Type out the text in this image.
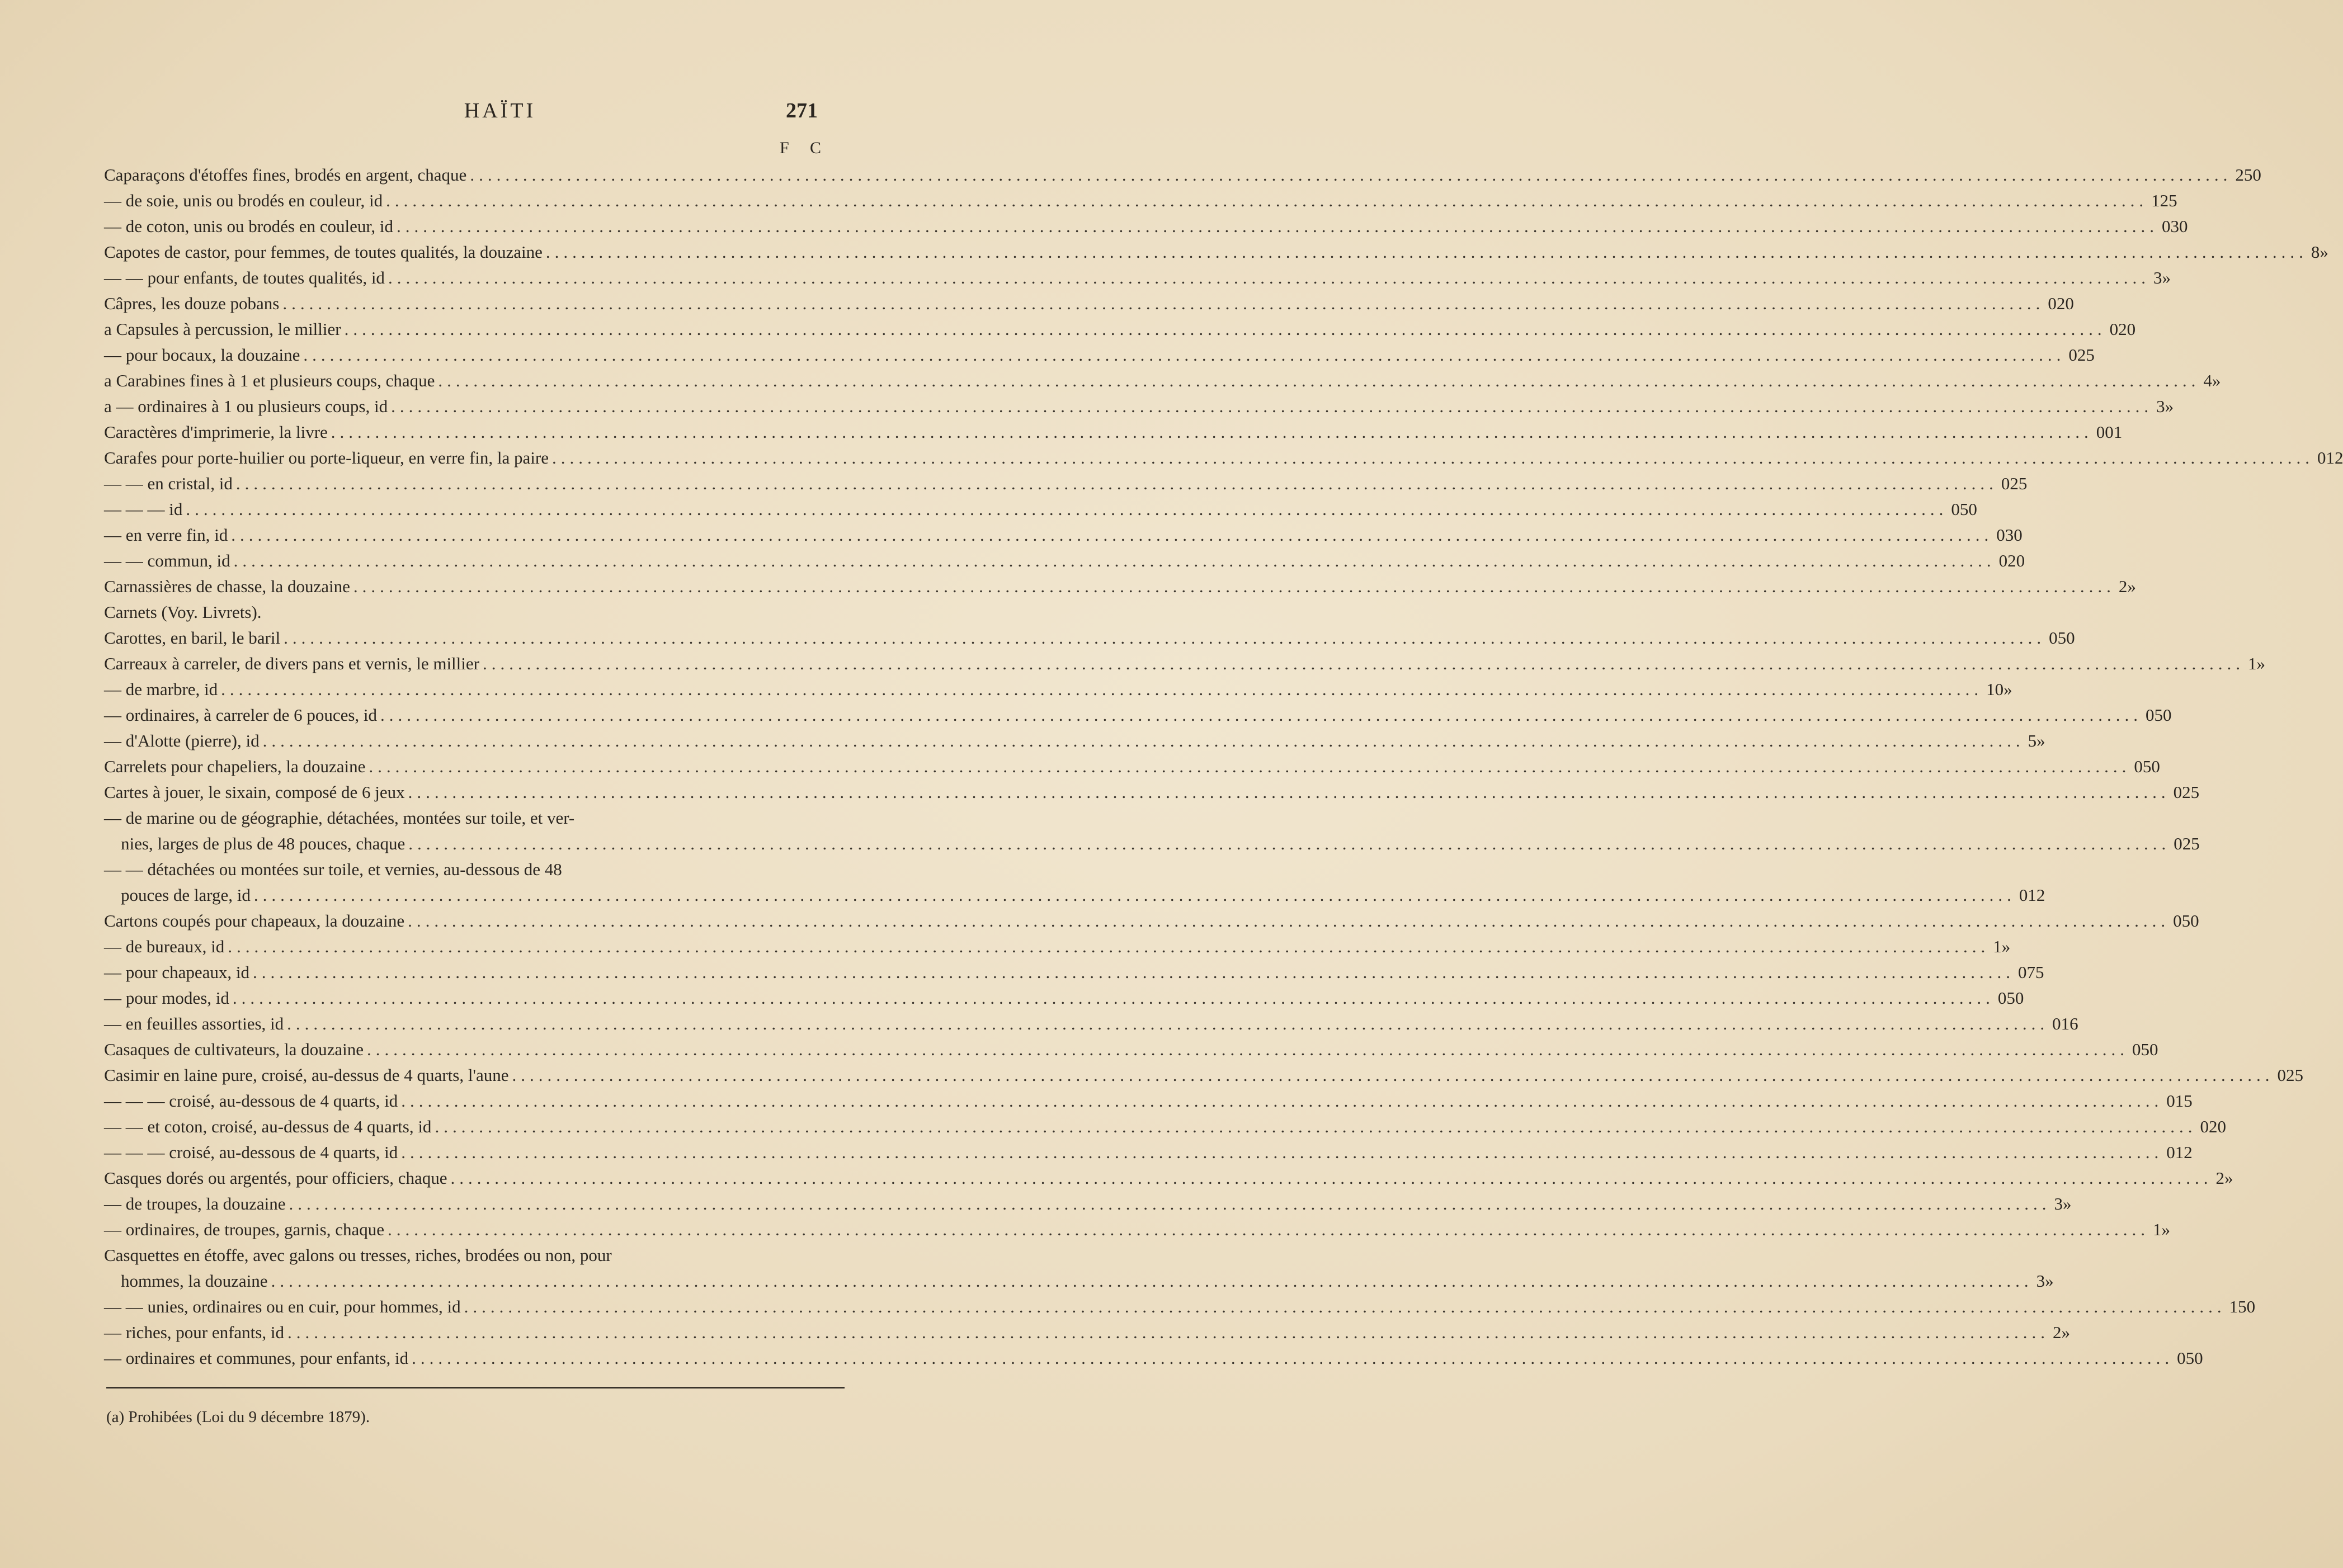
HAÏTI	271
F C
Caparaçons d'étoffes fines, brodés en argent, chaque ........................................................................................................................................................................................................ 2 50
— de soie, unis ou brodés en couleur, id ........................................................................................................................................................................................................ 1 25
— de coton, unis ou brodés en couleur, id ........................................................................................................................................................................................................ 0 30
Capotes de castor, pour femmes, de toutes qualités, la douzaine ........................................................................................................................................................................................................ 8 »
— — pour enfants, de toutes qualités, id ........................................................................................................................................................................................................ 3 »
Câpres, les douze pobans ........................................................................................................................................................................................................ 0 20
a Capsules à percussion, le millier ........................................................................................................................................................................................................ 0 20
— pour bocaux, la douzaine ........................................................................................................................................................................................................ 0 25
a Carabines fines à 1 et plusieurs coups, chaque ........................................................................................................................................................................................................ 4 »
a — ordinaires à 1 ou plusieurs coups, id ........................................................................................................................................................................................................ 3 »
Caractères d'imprimerie, la livre ........................................................................................................................................................................................................ 0 01
Carafes pour porte-huilier ou porte-liqueur, en verre fin, la paire ........................................................................................................................................................................................................ 0 12
— — en cristal, id ........................................................................................................................................................................................................ 0 25
— — — id ........................................................................................................................................................................................................ 0 50
— en verre fin, id ........................................................................................................................................................................................................ 0 30
— — commun, id ........................................................................................................................................................................................................ 0 20
Carnassières de chasse, la douzaine ........................................................................................................................................................................................................ 2 »
Carnets (Voy. Livrets).
Carottes, en baril, le baril ........................................................................................................................................................................................................ 0 50
Carreaux à carreler, de divers pans et vernis, le millier ........................................................................................................................................................................................................ 1 »
— de marbre, id ........................................................................................................................................................................................................ 10 »
— ordinaires, à carreler de 6 pouces, id ........................................................................................................................................................................................................ 0 50
— d'Alotte (pierre), id ........................................................................................................................................................................................................ 5 »
Carrelets pour chapeliers, la douzaine ........................................................................................................................................................................................................ 0 50
Cartes à jouer, le sixain, composé de 6 jeux ........................................................................................................................................................................................................ 0 25
— de marine ou de géographie, détachées, montées sur toile, et ver-
nies, larges de plus de 48 pouces, chaque ........................................................................................................................................................................................................ 0 25
— — détachées ou montées sur toile, et vernies, au-dessous de 48
pouces de large, id ........................................................................................................................................................................................................ 0 12
Cartons coupés pour chapeaux, la douzaine ........................................................................................................................................................................................................ 0 50
— de bureaux, id ........................................................................................................................................................................................................ 1 »
— pour chapeaux, id ........................................................................................................................................................................................................ 0 75
— pour modes, id ........................................................................................................................................................................................................ 0 50
— en feuilles assorties, id ........................................................................................................................................................................................................ 0 16
Casaques de cultivateurs, la douzaine ........................................................................................................................................................................................................ 0 50
Casimir en laine pure, croisé, au-dessus de 4 quarts, l'aune ........................................................................................................................................................................................................ 0 25
— — — croisé, au-dessous de 4 quarts, id ........................................................................................................................................................................................................ 0 15
— — et coton, croisé, au-dessus de 4 quarts, id ........................................................................................................................................................................................................ 0 20
— — — croisé, au-dessous de 4 quarts, id ........................................................................................................................................................................................................ 0 12
Casques dorés ou argentés, pour officiers, chaque ........................................................................................................................................................................................................ 2 »
— de troupes, la douzaine ........................................................................................................................................................................................................ 3 »
— ordinaires, de troupes, garnis, chaque ........................................................................................................................................................................................................ 1 »
Casquettes en étoffe, avec galons ou tresses, riches, brodées ou non, pour
hommes, la douzaine ........................................................................................................................................................................................................ 3 »
— — unies, ordinaires ou en cuir, pour hommes, id ........................................................................................................................................................................................................ 1 50
— riches, pour enfants, id ........................................................................................................................................................................................................ 2 »
— ordinaires et communes, pour enfants, id ........................................................................................................................................................................................................ 0 50
(a) Prohibées (Loi du 9 décembre 1879).
